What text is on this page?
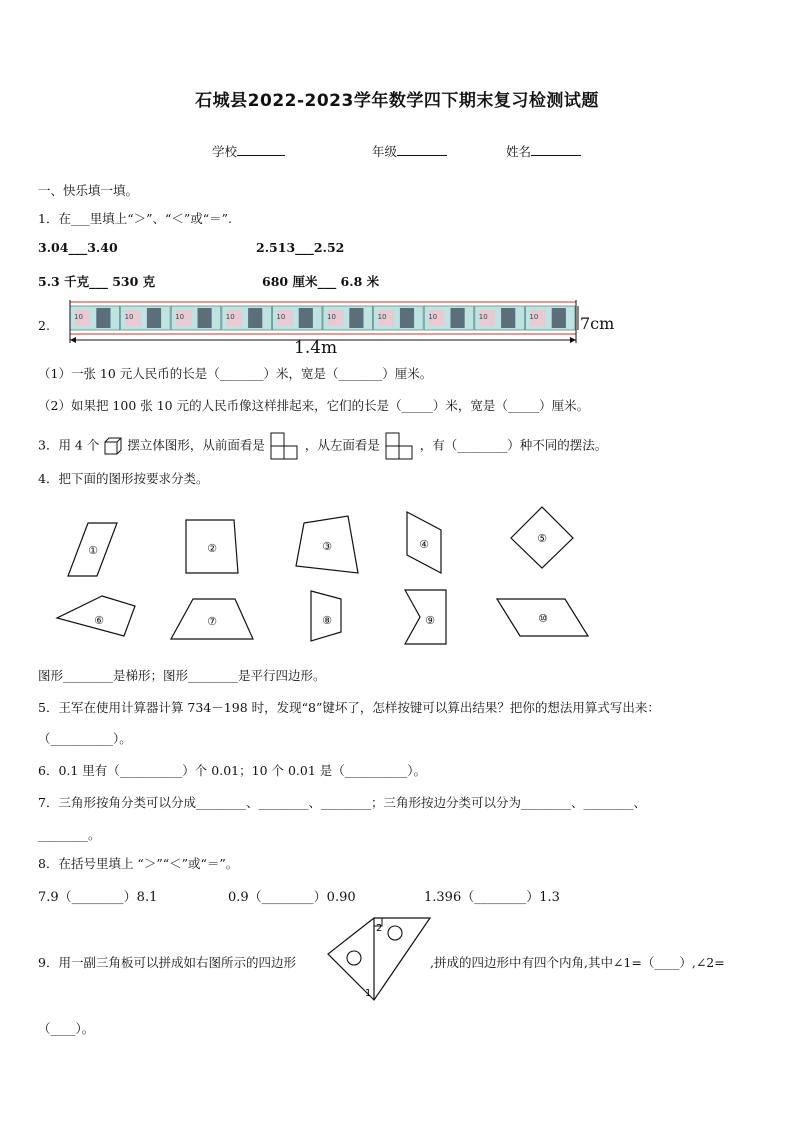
石城县2022-2023学年数学四下期末复习检测试题
学校	年级	姓名
一、快乐填一填。
1．在___里填上“＞”、“＜”或“＝”.
3.04___3.40	2.513___2.52
5.3 千克___ 530 克	680 厘米___ 6.8 米
2.
10	10	10	10	10	10	10	10	10	10	7cm
1.4m
（1）一张 10 元人民币的长是（_______）米，宽是（_______）厘米。
（2）如果把 100 张 10 元的人民币像这样排起来，它们的长是（_____）米，宽是（_____）厘米。
3．用 4 个 摆立体图形，从前面看是	，从左面看是	，有（________）种不同的摆法。
4．把下面的图形按要求分类。
①	②	③	④	⑤
⑥	⑦	⑧	⑨	⑩
图形________是梯形；图形________是平行四边形。
5．王军在使用计算器计算 734－198 时，发现“8”键坏了，怎样按键可以算出结果？把你的想法用算式写出来：
（__________）。
6．0.1 里有（__________）个 0.01；10 个 0.01 是（__________）。
7．三角形按角分类可以分成________、________、________；三角形按边分类可以分为________、________、
________。
8．在括号里填上 “＞”“＜”或“＝”。
7.9（________）8.1	0.9（________）0.90	1.396（________）1.3
9．用一副三角板可以拼成如右图所示的四边形
1
2
,拼成的四边形中有四个内角,其中∠1=（____）,∠2=
（____）。
